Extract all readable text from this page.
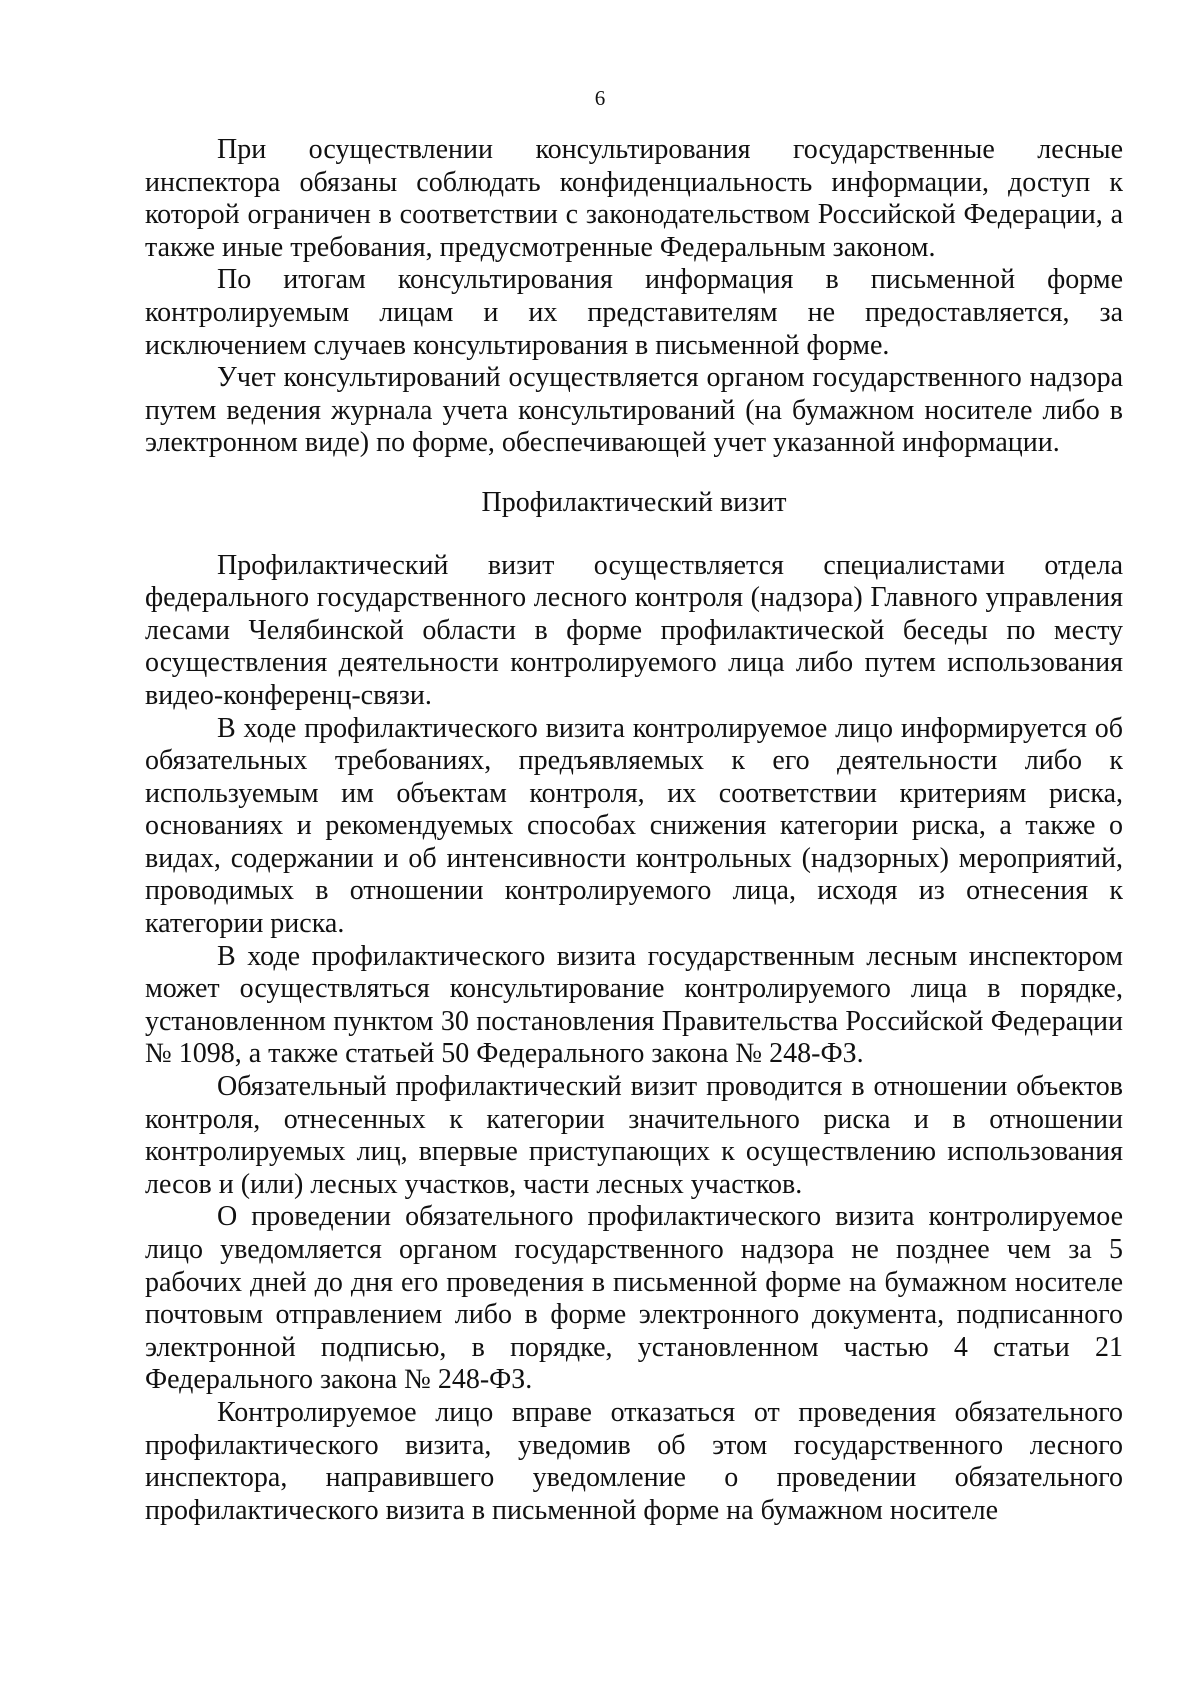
6

При осуществлении консультирования государственные лесные инспектора обязаны соблюдать конфиденциальность информации, доступ к которой ограничен в соответствии с законодательством Российской Федерации, а также иные требования, предусмотренные Федеральным законом.

По итогам консультирования информация в письменной форме контролируемым лицам и их представителям не предоставляется, за исключением случаев консультирования в письменной форме.

Учет консультирований осуществляется органом государственного надзора путем ведения журнала учета консультирований (на бумажном носителе либо в электронном виде) по форме, обеспечивающей учет указанной информации.

Профилактический визит

Профилактический визит осуществляется специалистами отдела федерального государственного лесного контроля (надзора) Главного управления лесами Челябинской области в форме профилактической беседы по месту осуществления деятельности контролируемого лица либо путем использования видео-конференц-связи.

В ходе профилактического визита контролируемое лицо информируется об обязательных требованиях, предъявляемых к его деятельности либо к используемым им объектам контроля, их соответствии критериям риска, основаниях и рекомендуемых способах снижения категории риска, а также о видах, содержании и об интенсивности контрольных (надзорных) мероприятий, проводимых в отношении контролируемого лица, исходя из отнесения к категории риска.

В ходе профилактического визита государственным лесным инспектором может осуществляться консультирование контролируемого лица в порядке, установленном пунктом 30 постановления Правительства Российской Федерации № 1098, а также статьей 50 Федерального закона № 248-ФЗ.

Обязательный профилактический визит проводится в отношении объектов контроля, отнесенных к категории значительного риска и в отношении контролируемых лиц, впервые приступающих к осуществлению использования лесов и (или) лесных участков, части лесных участков.

О проведении обязательного профилактического визита контролируемое лицо уведомляется органом государственного надзора не позднее чем за 5 рабочих дней до дня его проведения в письменной форме на бумажном носителе почтовым отправлением либо в форме электронного документа, подписанного электронной подписью, в порядке, установленном частью 4 статьи 21 Федерального закона № 248-ФЗ.

Контролируемое лицо вправе отказаться от проведения обязательного профилактического визита, уведомив об этом государственного лесного инспектора, направившего уведомление о проведении обязательного профилактического визита в письменной форме на бумажном носителе
